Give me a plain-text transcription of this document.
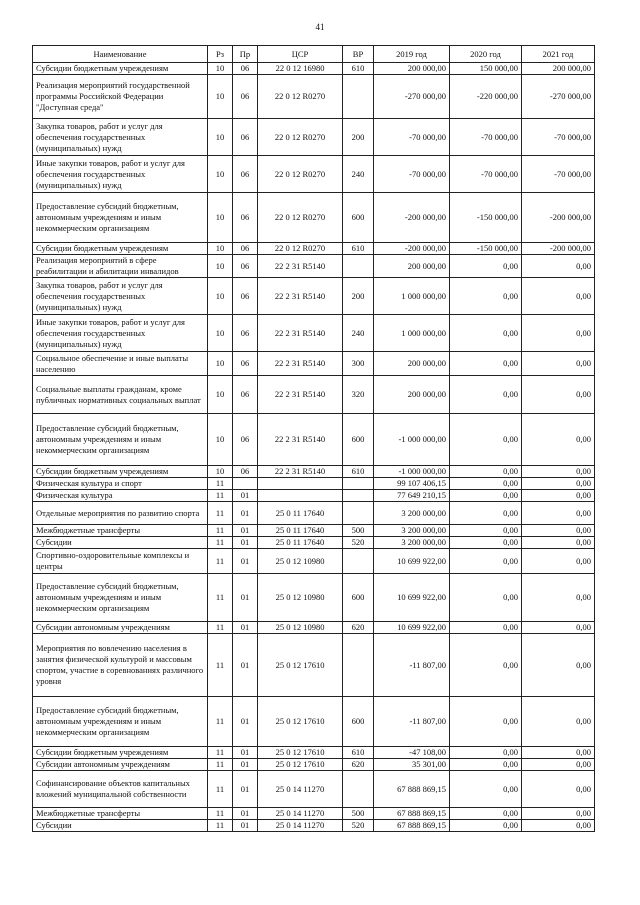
41
Наименование	Рз	Пр	ЦСР	ВР	2019 год	2020 год	2021 год
Субсидии бюджетным учреждениям	10	06	22 0 12 16980	610	200 000,00	150 000,00	200 000,00
Реализация мероприятий государственной программы Российской Федерации "Доступная среда"	10	06	22 0 12 R0270		-270 000,00	-220 000,00	-270 000,00
Закупка товаров, работ и услуг для обеспечения государственных (муниципальных) нужд	10	06	22 0 12 R0270	200	-70 000,00	-70 000,00	-70 000,00
Иные закупки товаров, работ и услуг для обеспечения государственных (муниципальных) нужд	10	06	22 0 12 R0270	240	-70 000,00	-70 000,00	-70 000,00
Предоставление субсидий бюджетным, автономным учреждениям и иным некоммерческим организациям	10	06	22 0 12 R0270	600	-200 000,00	-150 000,00	-200 000,00
Субсидии бюджетным учреждениям	10	06	22 0 12 R0270	610	-200 000,00	-150 000,00	-200 000,00
Реализация мероприятий в сфере реабилитации и абилитации инвалидов	10	06	22 2 31 R5140		200 000,00	0,00	0,00
Закупка товаров, работ и услуг для обеспечения государственных (муниципальных) нужд	10	06	22 2 31 R5140	200	1 000 000,00	0,00	0,00
Иные закупки товаров, работ и услуг для обеспечения государственных (муниципальных) нужд	10	06	22 2 31 R5140	240	1 000 000,00	0,00	0,00
Социальное обеспечение и иные выплаты населению	10	06	22 2 31 R5140	300	200 000,00	0,00	0,00
Социальные выплаты гражданам, кроме публичных нормативных социальных выплат	10	06	22 2 31 R5140	320	200 000,00	0,00	0,00
Предоставление субсидий бюджетным, автономным учреждениям и иным некоммерческим организациям	10	06	22 2 31 R5140	600	-1 000 000,00	0,00	0,00
Субсидии бюджетным учреждениям	10	06	22 2 31 R5140	610	-1 000 000,00	0,00	0,00
Физическая культура и спорт	11				99 107 406,15	0,00	0,00
Физическая культура	11	01			77 649 210,15	0,00	0,00
Отдельные мероприятия по развитию спорта	11	01	25 0 11 17640		3 200 000,00	0,00	0,00
Межбюджетные трансферты	11	01	25 0 11 17640	500	3 200 000,00	0,00	0,00
Субсидии	11	01	25 0 11 17640	520	3 200 000,00	0,00	0,00
Спортивно-оздоровительные комплексы и центры	11	01	25 0 12 10980		10 699 922,00	0,00	0,00
Предоставление субсидий бюджетным, автономным учреждениям и иным некоммерческим организациям	11	01	25 0 12 10980	600	10 699 922,00	0,00	0,00
Субсидии автономным учреждениям	11	01	25 0 12 10980	620	10 699 922,00	0,00	0,00
Мероприятия по вовлечению населения в занятия физической культурой и массовым спортом, участие в соревнованиях различного уровня	11	01	25 0 12 17610		-11 807,00	0,00	0,00
Предоставление субсидий бюджетным, автономным учреждениям и иным некоммерческим организациям	11	01	25 0 12 17610	600	-11 807,00	0,00	0,00
Субсидии бюджетным учреждениям	11	01	25 0 12 17610	610	-47 108,00	0,00	0,00
Субсидии автономным учреждениям	11	01	25 0 12 17610	620	35 301,00	0,00	0,00
Софинансирование объектов капитальных вложений муниципальной собственности	11	01	25 0 14 11270		67 888 869,15	0,00	0,00
Межбюджетные трансферты	11	01	25 0 14 11270	500	67 888 869,15	0,00	0,00
Субсидии	11	01	25 0 14 11270	520	67 888 869,15	0,00	0,00
